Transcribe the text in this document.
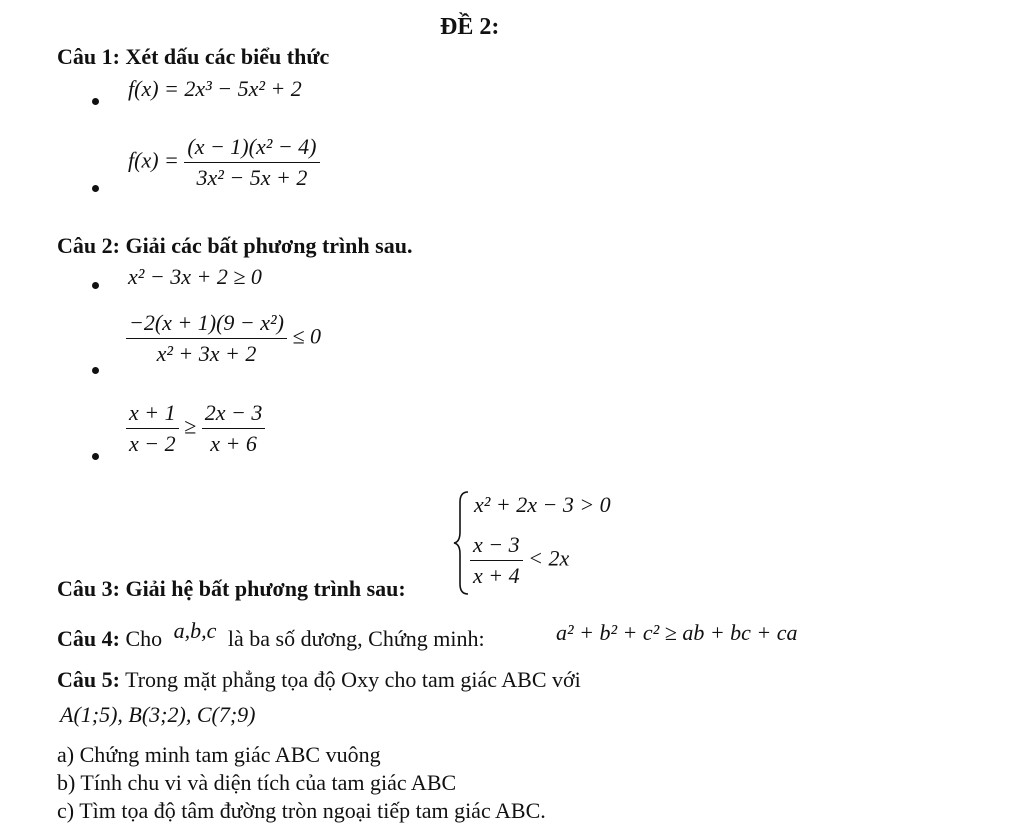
ĐỀ 2:
Câu 1: Xét dấu các biểu thức
f(x) = 2x³ − 5x² + 2
$f(x) = \frac{\text{(x − 1)(x² − 4)}}{\text{3x² − 5x + 2}}$
Câu 2: Giải các bất phương trình sau.
x² − 3x + 2 ≥ 0
$\frac{\text{−2(x + 1)(9 − x²)}}{\text{x² + 3x + 2}} \le 0$
$\frac{x + 1}{x - 2} \ge \frac{2x - 3}{x + 6}$
Câu 3: Giải hệ bất phương trình sau:
x² + 2x − 3 > 0
$\frac{x - 3}{x + 4} < 2x$
Câu 4: Cho a,b,c là ba số dương, Chứng minh:	a² + b² + c² ≥ ab + bc + ca
Câu 5: Trong mặt phẳng tọa độ Oxy cho tam giác ABC với
A(1;5), B(3;2), C(7;9)
a) Chứng minh tam giác ABC vuông
b) Tính chu vi và diện tích của tam giác ABC
c) Tìm tọa độ tâm đường tròn ngoại tiếp tam giác ABC.
